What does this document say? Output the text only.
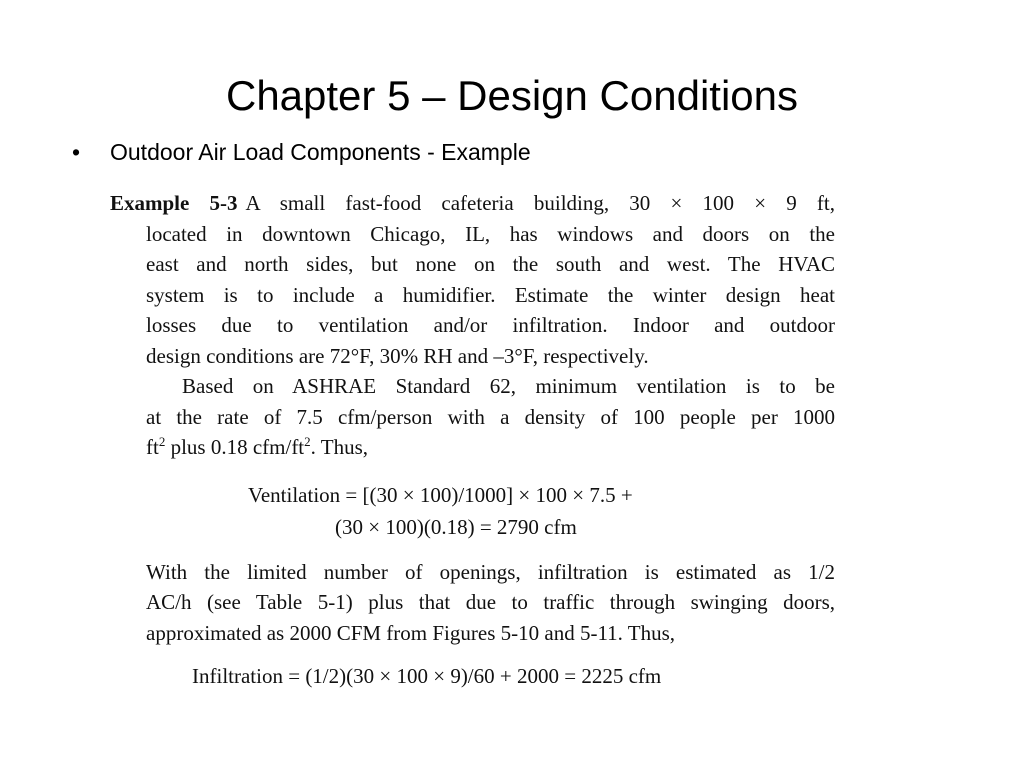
Chapter 5 – Design Conditions
•	Outdoor Air Load Components - Example
Example 5-3 A small fast-food cafeteria building, 30 × 100 × 9 ft,
located in downtown Chicago, IL, has windows and doors on the
east and north sides, but none on the south and west. The HVAC
system is to include a humidifier. Estimate the winter design heat
losses due to ventilation and/or infiltration. Indoor and outdoor
design conditions are 72°F, 30% RH and –3°F, respectively.
Based on ASHRAE Standard 62, minimum ventilation is to be
at the rate of 7.5 cfm/person with a density of 100 people per 1000
$ft^2$ plus 0.18 cfm/$ft^2$. Thus,
Ventilation = [(30 × 100)/1000] × 100 × 7.5 +
(30 × 100)(0.18) = 2790 cfm
With the limited number of openings, infiltration is estimated as 1/2
AC/h (see Table 5-1) plus that due to traffic through swinging doors,
approximated as 2000 CFM from Figures 5-10 and 5-11. Thus,
Infiltration = (1/2)(30 × 100 × 9)/60 + 2000 = 2225 cfm
